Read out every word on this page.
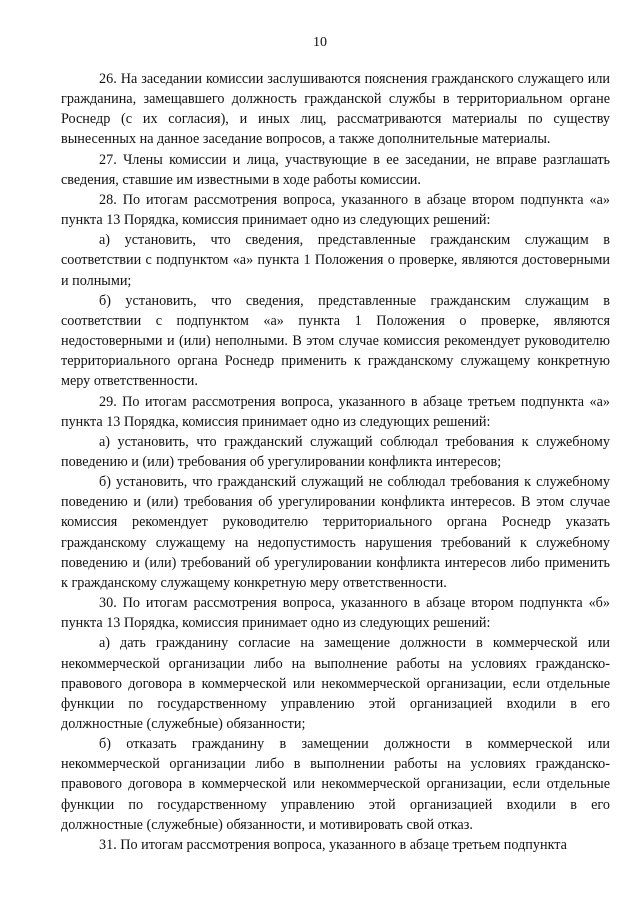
10

26. На заседании комиссии заслушиваются пояснения гражданского служащего или гражданина, замещавшего должность гражданской службы в территориальном органе Роснедр (с их согласия), и иных лиц, рассматриваются материалы по существу вынесенных на данное заседание вопросов, а также дополнительные материалы.

27. Члены комиссии и лица, участвующие в ее заседании, не вправе разглашать сведения, ставшие им известными в ходе работы комиссии.

28. По итогам рассмотрения вопроса, указанного в абзаце втором подпункта «а» пункта 13 Порядка, комиссия принимает одно из следующих решений:

а) установить, что сведения, представленные гражданским служащим в соответствии с подпунктом «а» пункта 1 Положения о проверке, являются достоверными и полными;

б) установить, что сведения, представленные гражданским служащим в соответствии с подпунктом «а» пункта 1 Положения о проверке, являются недостоверными и (или) неполными. В этом случае комиссия рекомендует руководителю территориального органа Роснедр применить к гражданскому служащему конкретную меру ответственности.

29. По итогам рассмотрения вопроса, указанного в абзаце третьем подпункта «а» пункта 13 Порядка, комиссия принимает одно из следующих решений:

а) установить, что гражданский служащий соблюдал требования к служебному поведению и (или) требования об урегулировании конфликта интересов;

б) установить, что гражданский служащий не соблюдал требования к служебному поведению и (или) требования об урегулировании конфликта интересов. В этом случае комиссия рекомендует руководителю территориального органа Роснедр указать гражданскому служащему на недопустимость нарушения требований к служебному поведению и (или) требований об урегулировании конфликта интересов либо применить к гражданскому служащему конкретную меру ответственности.

30. По итогам рассмотрения вопроса, указанного в абзаце втором подпункта «б» пункта 13 Порядка, комиссия принимает одно из следующих решений:

а) дать гражданину согласие на замещение должности в коммерческой или некоммерческой организации либо на выполнение работы на условиях гражданско-правового договора в коммерческой или некоммерческой организации, если отдельные функции по государственному управлению этой организацией входили в его должностные (служебные) обязанности;

б) отказать гражданину в замещении должности в коммерческой или некоммерческой организации либо в выполнении работы на условиях гражданско-правового договора в коммерческой или некоммерческой организации, если отдельные функции по государственному управлению этой организацией входили в его должностные (служебные) обязанности, и мотивировать свой отказ.

31. По итогам рассмотрения вопроса, указанного в абзаце третьем подпункта
